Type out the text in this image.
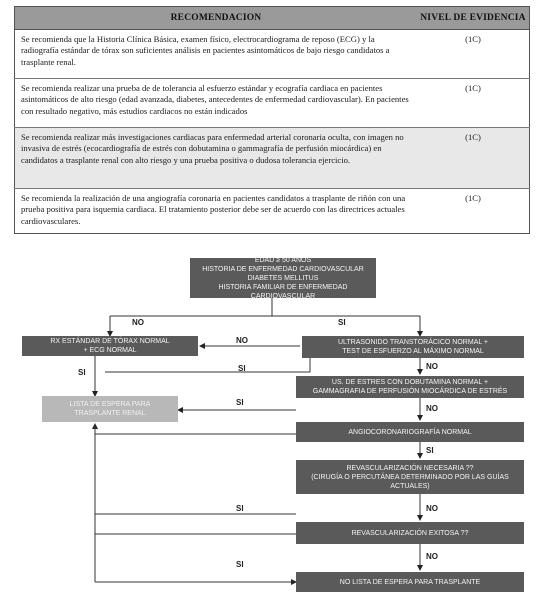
RECOMENDACION	NIVEL DE EVIDENCIA
Se recomienda que la Historia Clínica Básica, examen físico, electrocardiograma de reposo (ECG) y la radiografía estándar de tórax son suficientes análisis en pacientes asintomáticos de bajo riesgo candidatos a trasplante renal.	(1C)
Se recomienda realizar una prueba de de tolerancia al esfuerzo estándar y ecografía cardiaca en pacientes asintomáticos de alto riesgo (edad avanzada, diabetes, antecedentes de enfermedad cardiovascular). En pacientes con resultado negativo, más estudios cardiacos no están indicados	(1C)
Se recomienda realizar más investigaciones cardiacas para enfermedad arterial coronaria oculta, con imagen no invasiva de estrés (ecocardiografía de estrés con dobutamina o gammagrafía de perfusión miocárdica) en candidatos a trasplante renal con alto riesgo y una prueba positiva o dudosa tolerancia ejercicio.	(1C)
Se recomienda la realización de una angiografía coronaria en pacientes candidatos a trasplante de riñón con una prueba positiva para isquemia cardiaca. El tratamiento posterior debe ser de acuerdo con las directrices actuales cardiovasculares.	(1C)
EDAD ≥ 50 AÑOS
HISTORIA DE ENFERMEDAD CARDIOVASCULAR
DIABETES MELLITUS
HISTORIA FAMILIAR DE ENFERMEDAD CARDIOVASCULAR
RX ESTÁNDAR DE TÓRAX NORMAL
+ ECG NORMAL
ULTRASONIDO TRANSTORÁCICO NORMAL +
TEST DE ESFUERZO AL MÁXIMO NORMAL
LISTA DE ESPERA PARA
TRASPLANTE RENAL
US. DE ESTRES CON DOBUTAMINA NORMAL +
GAMMAGRAFIA DE PERFUSIÓN MIOCÁRDICA DE ESTRÉS
ANGIOCORONARIOGRAFÍA NORMAL
REVASCULARIZACIÓN NECESARIA ??
(CIRUGÍA O PERCUTÁNEA DETERMINADO POR LAS GUÍAS
ACTUALES)
REVASCULARIZACIÓN EXITOSA ??
NO LISTA DE ESPERA PARA TRASPLANTE
NO	SI
NO
SI	SI	NO
SI
NO
SI
SI	NO
NO
SI
